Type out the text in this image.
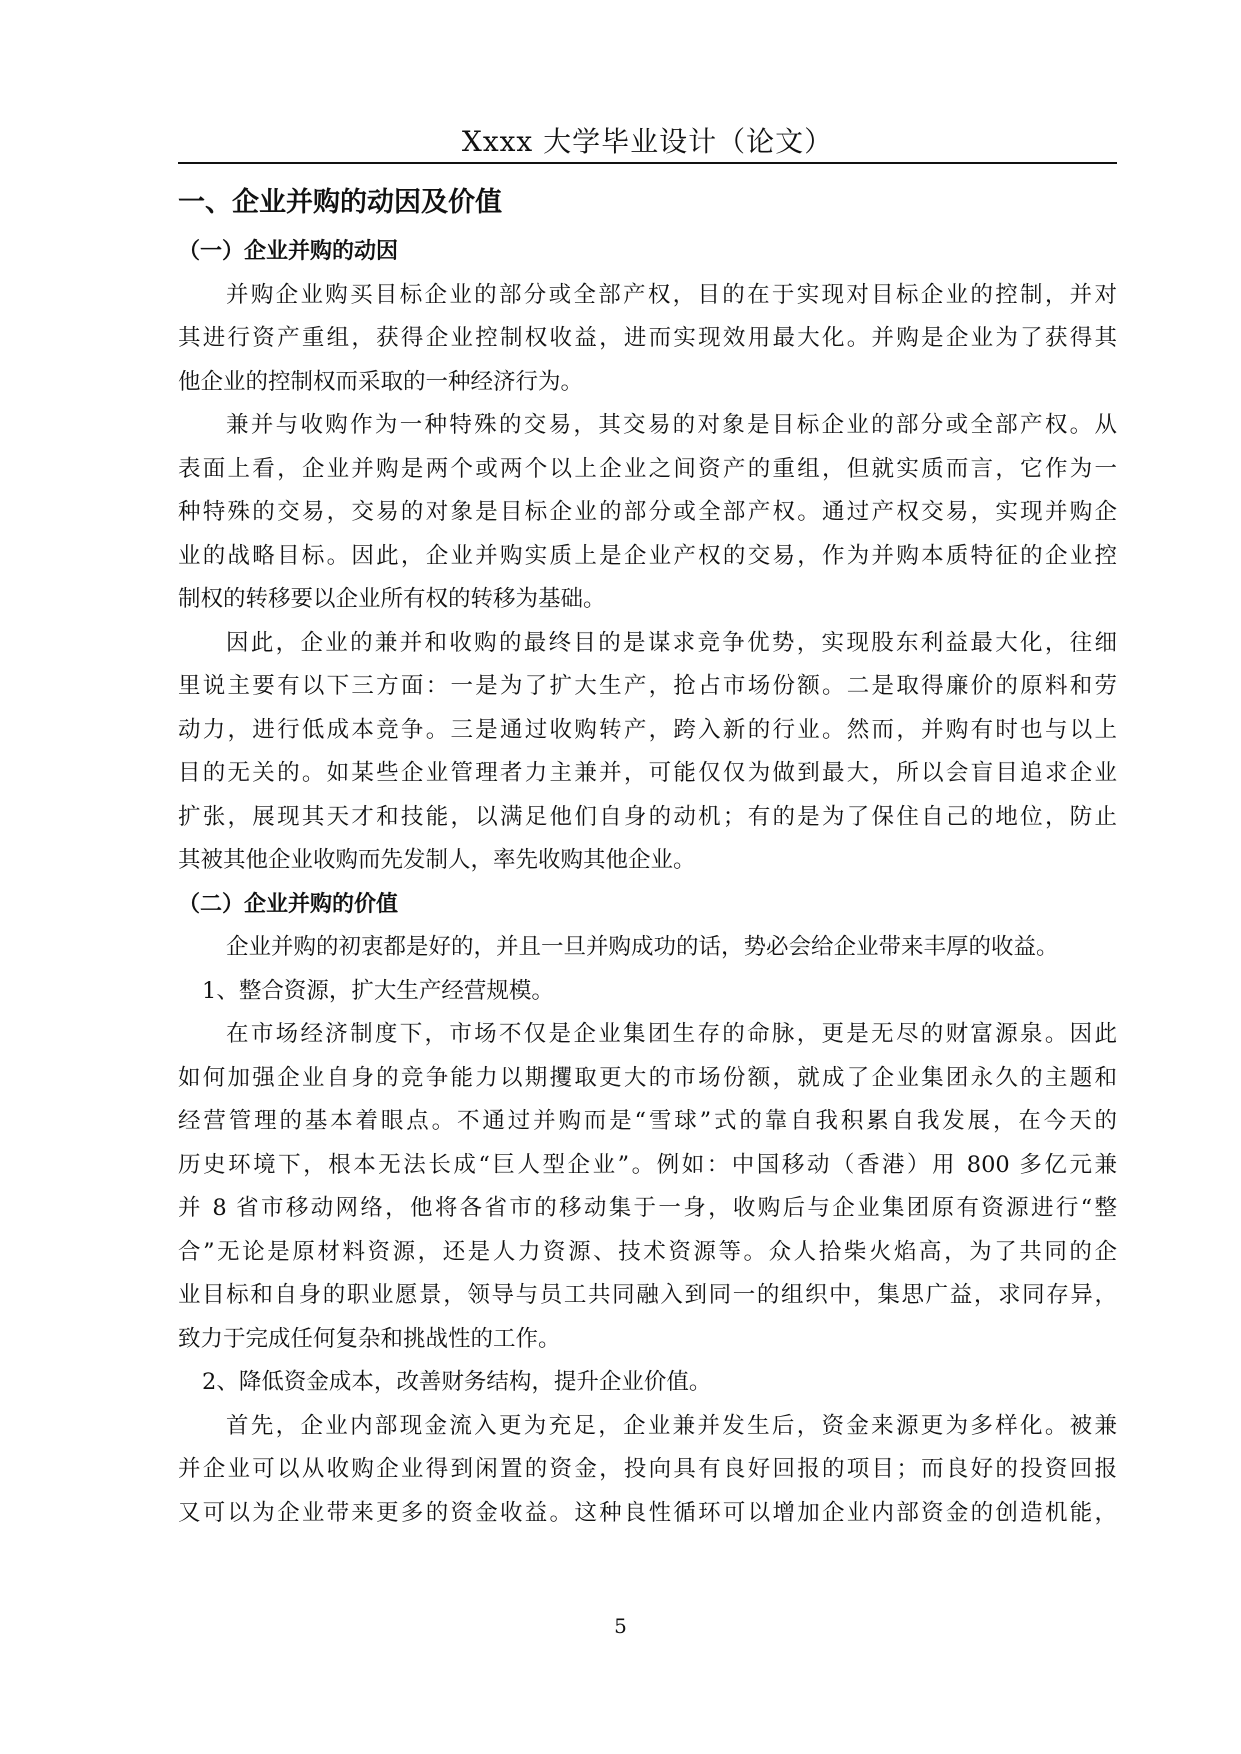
Xxxx 大学毕业设计（论文）
一、企业并购的动因及价值
（一）企业并购的动因
并购企业购买目标企业的部分或全部产权，目的在于实现对目标企业的控制，并对
其进行资产重组，获得企业控制权收益，进而实现效用最大化。并购是企业为了获得其
他企业的控制权而采取的一种经济行为。
兼并与收购作为一种特殊的交易，其交易的对象是目标企业的部分或全部产权。从
表面上看，企业并购是两个或两个以上企业之间资产的重组，但就实质而言，它作为一
种特殊的交易，交易的对象是目标企业的部分或全部产权。通过产权交易，实现并购企
业的战略目标。因此，企业并购实质上是企业产权的交易，作为并购本质特征的企业控
制权的转移要以企业所有权的转移为基础。
因此，企业的兼并和收购的最终目的是谋求竞争优势，实现股东利益最大化，往细
里说主要有以下三方面：一是为了扩大生产，抢占市场份额。二是取得廉价的原料和劳
动力，进行低成本竞争。三是通过收购转产，跨入新的行业。然而，并购有时也与以上
目的无关的。如某些企业管理者力主兼并，可能仅仅为做到最大，所以会盲目追求企业
扩张，展现其天才和技能，以满足他们自身的动机；有的是为了保住自己的地位，防止
其被其他企业收购而先发制人，率先收购其他企业。
（二）企业并购的价值
企业并购的初衷都是好的，并且一旦并购成功的话，势必会给企业带来丰厚的收益。
1、整合资源，扩大生产经营规模。
在市场经济制度下，市场不仅是企业集团生存的命脉，更是无尽的财富源泉。因此
如何加强企业自身的竞争能力以期攫取更大的市场份额，就成了企业集团永久的主题和
经营管理的基本着眼点。不通过并购而是“雪球”式的靠自我积累自我发展，在今天的
历史环境下，根本无法长成“巨人型企业”。例如：中国移动（香港）用 800 多亿元兼
并 8 省市移动网络，他将各省市的移动集于一身，收购后与企业集团原有资源进行“整
合”无论是原材料资源，还是人力资源、技术资源等。众人拾柴火焰高，为了共同的企
业目标和自身的职业愿景，领导与员工共同融入到同一的组织中，集思广益，求同存异，
致力于完成任何复杂和挑战性的工作。
2、降低资金成本，改善财务结构，提升企业价值。
首先，企业内部现金流入更为充足，企业兼并发生后，资金来源更为多样化。被兼
并企业可以从收购企业得到闲置的资金，投向具有良好回报的项目；而良好的投资回报
又可以为企业带来更多的资金收益。这种良性循环可以增加企业内部资金的创造机能，
5
